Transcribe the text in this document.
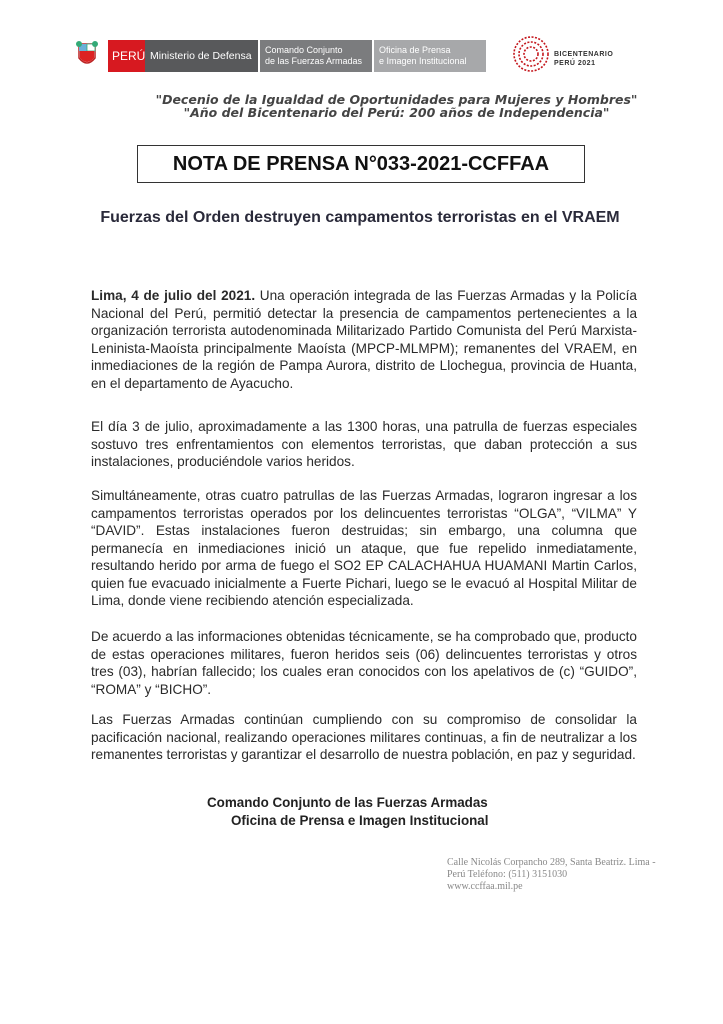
PERÚ Ministerio de Defensa Comando Conjunto
de las Fuerzas Armadas
Oficina de Prensa
e Imagen Institucional
BICENTENARIO
PERÚ 2021
"Decenio de la Igualdad de Oportunidades para Mujeres y Hombres"
"Año del Bicentenario del Perú: 200 años de Independencia"
NOTA DE PRENSA N°033-2021-CCFFAA
Fuerzas del Orden destruyen campamentos terroristas en el VRAEM
Lima, 4 de julio del 2021. Una operación integrada de las Fuerzas Armadas y la Policía Nacional del Perú, permitió detectar la presencia de campamentos pertenecientes a la organización terrorista autodenominada Militarizado Partido Comunista del Perú Marxista-Leninista-Maoísta principalmente Maoísta (MPCP-MLMPM); remanentes del VRAEM, en inmediaciones de la región de Pampa Aurora, distrito de Llochegua, provincia de Huanta, en el departamento de Ayacucho.
El día 3 de julio, aproximadamente a las 1300 horas, una patrulla de fuerzas especiales sostuvo tres enfrentamientos con elementos terroristas, que daban protección a sus instalaciones, produciéndole varios heridos.
Simultáneamente, otras cuatro patrullas de las Fuerzas Armadas, lograron ingresar a los campamentos terroristas operados por los delincuentes terroristas “OLGA”, “VILMA” Y “DAVID”. Estas instalaciones fueron destruidas; sin embargo, una columna que permanecía en inmediaciones inició un ataque, que fue repelido inmediatamente, resultando herido por arma de fuego el SO2 EP CALACHAHUA HUAMANI Martin Carlos, quien fue evacuado inicialmente a Fuerte Pichari, luego se le evacuó al Hospital Militar de Lima, donde viene recibiendo atención especializada.
De acuerdo a las informaciones obtenidas técnicamente, se ha comprobado que, producto de estas operaciones militares, fueron heridos seis (06) delincuentes terroristas y otros tres (03), habrían fallecido; los cuales eran conocidos con los apelativos de (c) “GUIDO”, “ROMA” y “BICHO”.
Las Fuerzas Armadas continúan cumpliendo con su compromiso de consolidar la pacificación nacional, realizando operaciones militares continuas, a fin de neutralizar a los remanentes terroristas y garantizar el desarrollo de nuestra población, en paz y seguridad.
Comando Conjunto de las Fuerzas Armadas
Oficina de Prensa e Imagen Institucional
Calle Nicolás Corpancho 289, Santa Beatriz. Lima -
Perú Teléfono: (511) 3151030
www.ccffaa.mil.pe
